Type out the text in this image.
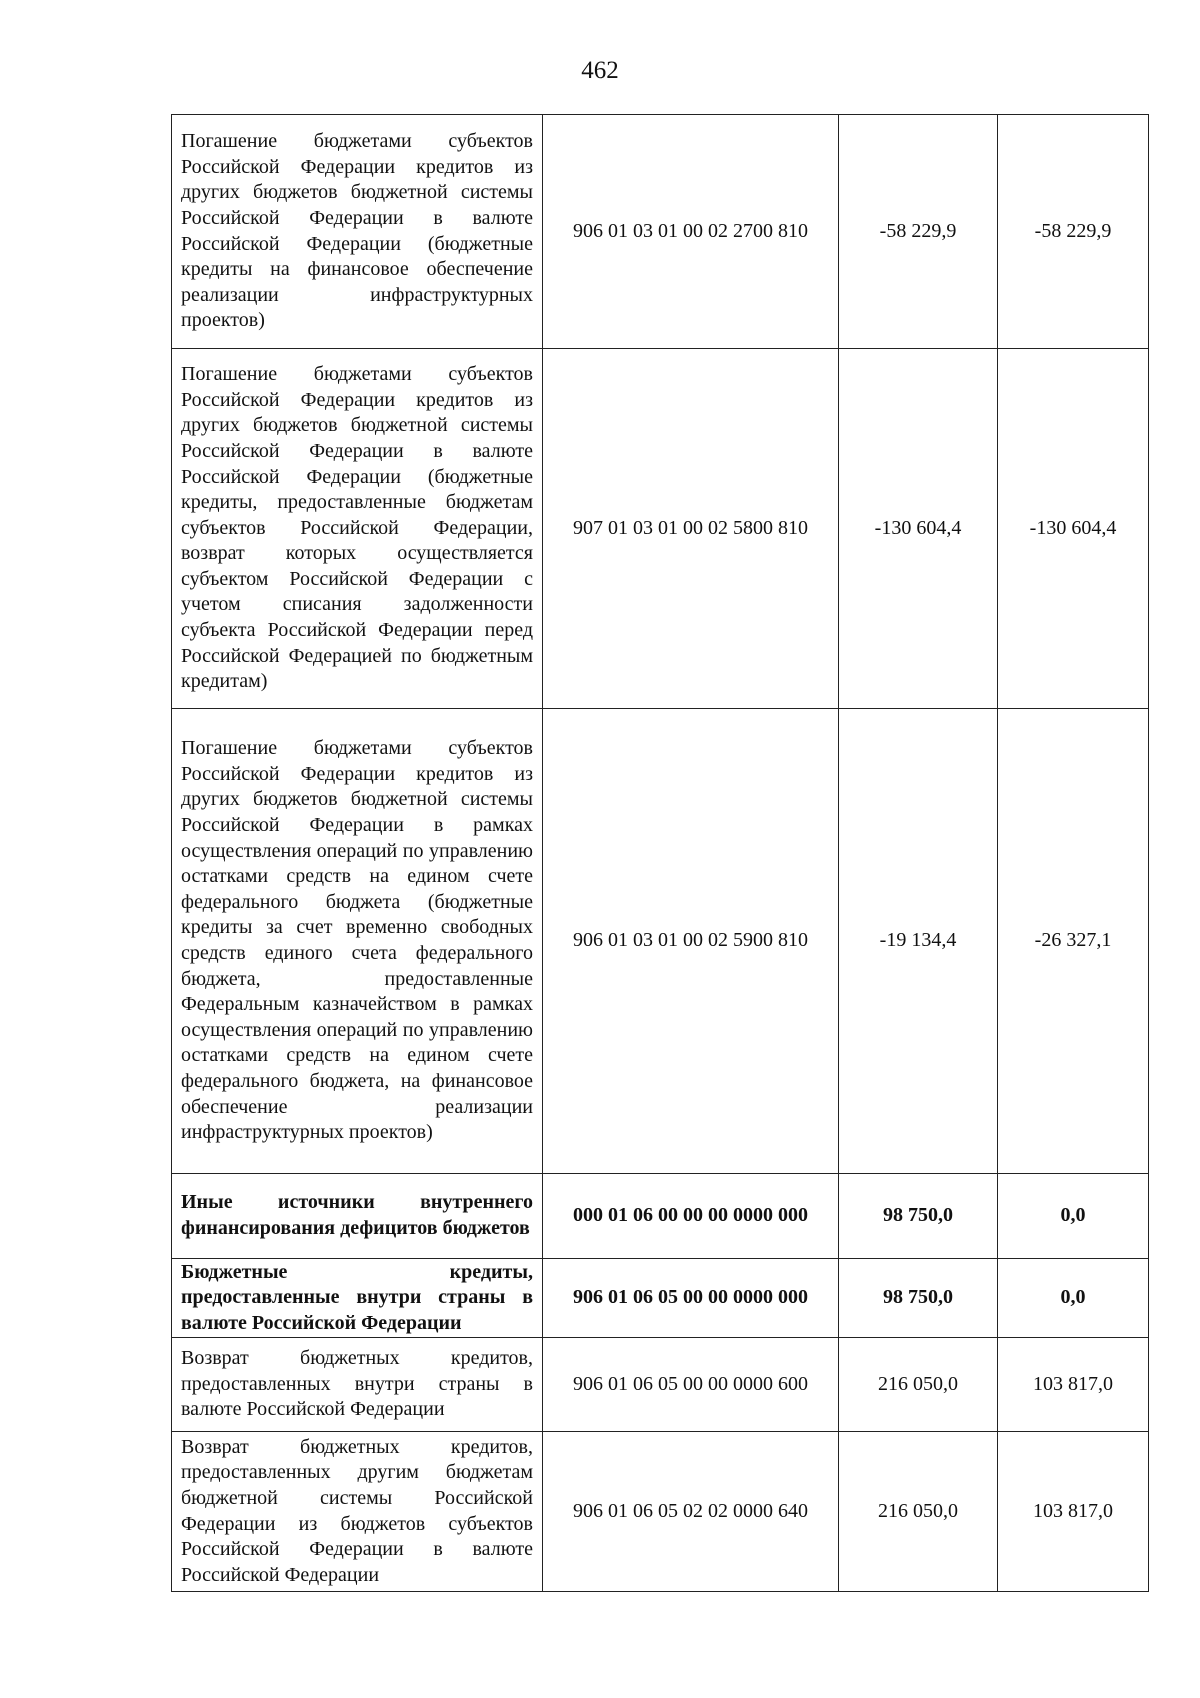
462
Погашение бюджетами субъектов Российской Федерации кредитов из других бюджетов бюджетной системы Российской Федерации в валюте Российской Федерации (бюджетные кредиты на финансовое обеспечение реализации инфраструктурных проектов)	906 01 03 01 00 02 2700 810	-58 229,9	-58 229,9
Погашение бюджетами субъектов Российской Федерации кредитов из других бюджетов бюджетной системы Российской Федерации в валюте Российской Федерации (бюджетные кредиты, предоставленные бюджетам субъектов Российской Федерации, возврат которых осуществляется субъектом Российской Федерации с учетом списания задолженности субъекта Российской Федерации перед Российской Федерацией по бюджетным кредитам)	907 01 03 01 00 02 5800 810	-130 604,4	-130 604,4
Погашение бюджетами субъектов Российской Федерации кредитов из других бюджетов бюджетной системы Российской Федерации в рамках осуществления операций по управлению остатками средств на едином счете федерального бюджета (бюджетные кредиты за счет временно свободных средств единого счета федерального бюджета, предоставленные Федеральным казначейством в рамках осуществления операций по управлению остатками средств на едином счете федерального бюджета, на финансовое обеспечение реализации инфраструктурных проектов)	906 01 03 01 00 02 5900 810	-19 134,4	-26 327,1
Иные источники внутреннего финансирования дефицитов бюджетов	000 01 06 00 00 00 0000 000	98 750,0	0,0
Бюджетные кредиты, предоставленные внутри страны в валюте Российской Федерации	906 01 06 05 00 00 0000 000	98 750,0	0,0
Возврат бюджетных кредитов, предоставленных внутри страны в валюте Российской Федерации	906 01 06 05 00 00 0000 600	216 050,0	103 817,0
Возврат бюджетных кредитов, предоставленных другим бюджетам бюджетной системы Российской Федерации из бюджетов субъектов Российской Федерации в валюте Российской Федерации	906 01 06 05 02 02 0000 640	216 050,0	103 817,0
